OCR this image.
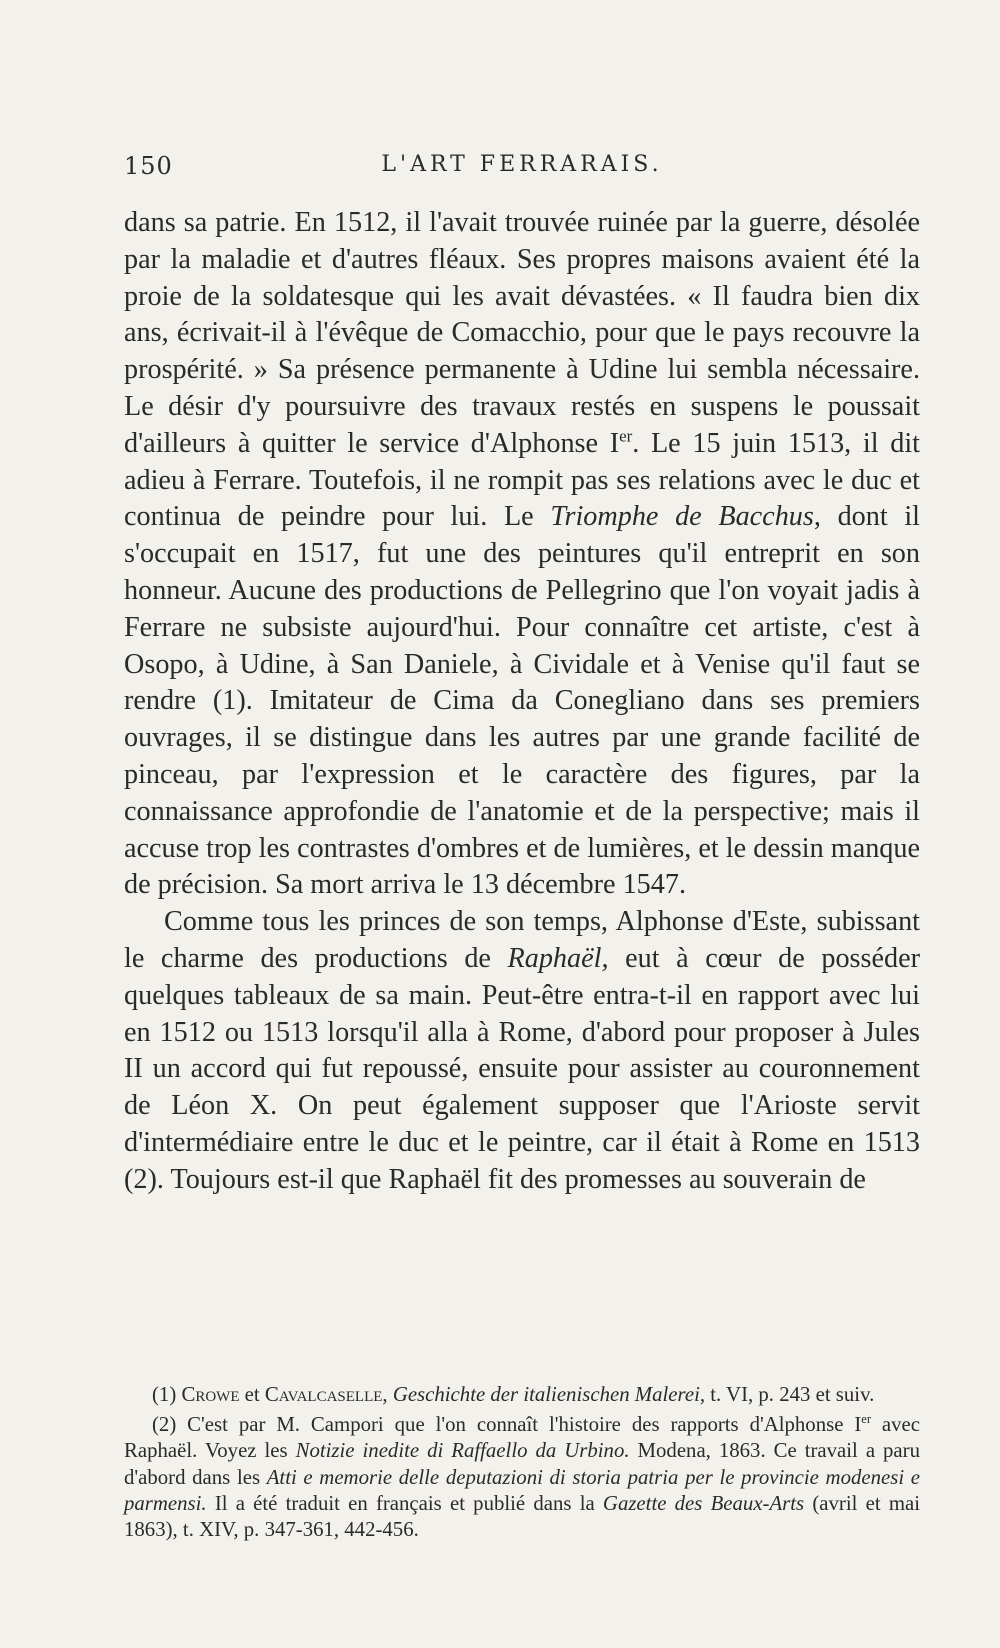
150	L'ART FERRARAIS.

dans sa patrie. En 1512, il l'avait trouvée ruinée par la guerre, désolée par la maladie et d'autres fléaux. Ses propres maisons avaient été la proie de la soldatesque qui les avait dévastées. « Il faudra bien dix ans, écrivait-il à l'évêque de Comacchio, pour que le pays recouvre la prospérité. » Sa présence permanente à Udine lui sembla nécessaire. Le désir d'y poursuivre des travaux restés en suspens le poussait d'ailleurs à quitter le service d'Alphonse Ier. Le 15 juin 1513, il dit adieu à Ferrare. Toutefois, il ne rompit pas ses relations avec le duc et continua de peindre pour lui. Le Triomphe de Bacchus, dont il s'occupait en 1517, fut une des peintures qu'il entreprit en son honneur. Aucune des productions de Pellegrino que l'on voyait jadis à Ferrare ne subsiste aujourd'hui. Pour connaître cet artiste, c'est à Osopo, à Udine, à San Daniele, à Cividale et à Venise qu'il faut se rendre (1). Imitateur de Cima da Conegliano dans ses premiers ouvrages, il se distingue dans les autres par une grande facilité de pinceau, par l'expression et le caractère des figures, par la connaissance approfondie de l'anatomie et de la perspective; mais il accuse trop les contrastes d'ombres et de lumières, et le dessin manque de précision. Sa mort arriva le 13 décembre 1547.

Comme tous les princes de son temps, Alphonse d'Este, subissant le charme des productions de Raphaël, eut à cœur de posséder quelques tableaux de sa main. Peut-être entra-t-il en rapport avec lui en 1512 ou 1513 lorsqu'il alla à Rome, d'abord pour proposer à Jules II un accord qui fut repoussé, ensuite pour assister au couronnement de Léon X. On peut également supposer que l'Arioste servit d'intermédiaire entre le duc et le peintre, car il était à Rome en 1513 (2). Toujours est-il que Raphaël fit des promesses au souverain de

(1) Crowe et Cavalcaselle, Geschichte der italienischen Malerei, t. VI, p. 243 et suiv.

(2) C'est par M. Campori que l'on connaît l'histoire des rapports d'Alphonse Ier avec Raphaël. Voyez les Notizie inedite di Raffaello da Urbino. Modena, 1863. Ce travail a paru d'abord dans les Atti e memorie delle deputazioni di storia patria per le provincie modenesi e parmensi. Il a été traduit en français et publié dans la Gazette des Beaux-Arts (avril et mai 1863), t. XIV, p. 347-361, 442-456.
